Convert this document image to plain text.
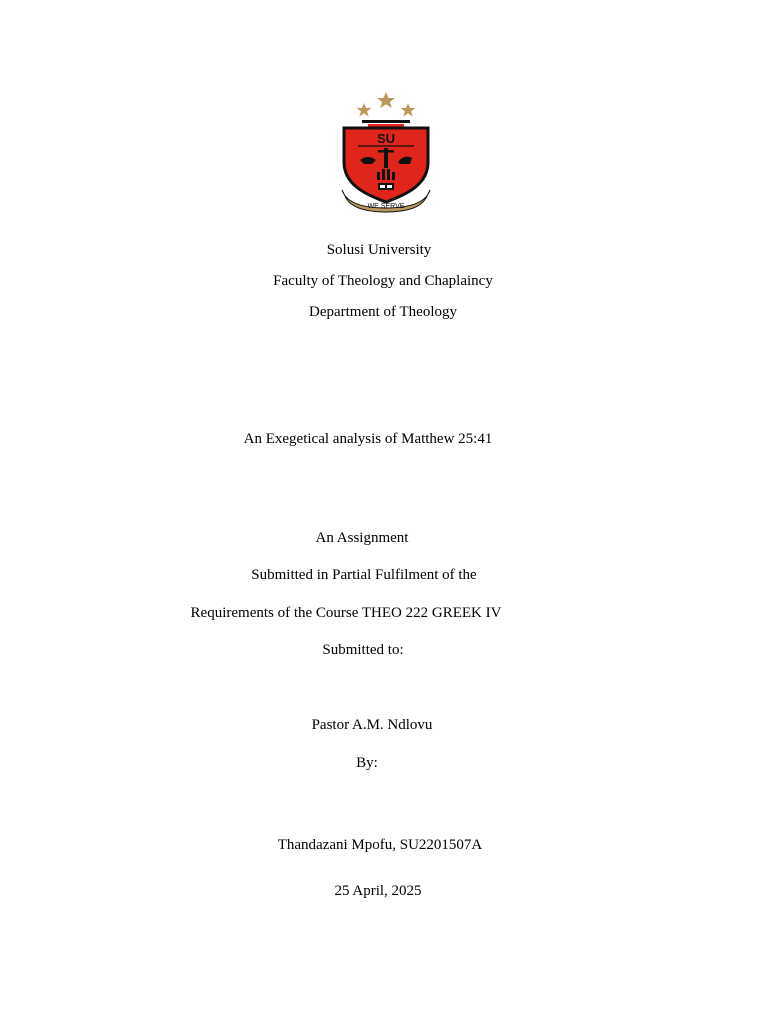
SU
WE SERVE
Solusi University
Faculty of Theology and Chaplaincy
Department of Theology
An Exegetical analysis of Matthew 25:41
An Assignment
Submitted in Partial Fulfilment of the
Requirements of the Course THEO 222 GREEK IV
Submitted to:
Pastor A.M. Ndlovu
By:
Thandazani Mpofu, SU2201507A
25 April, 2025
